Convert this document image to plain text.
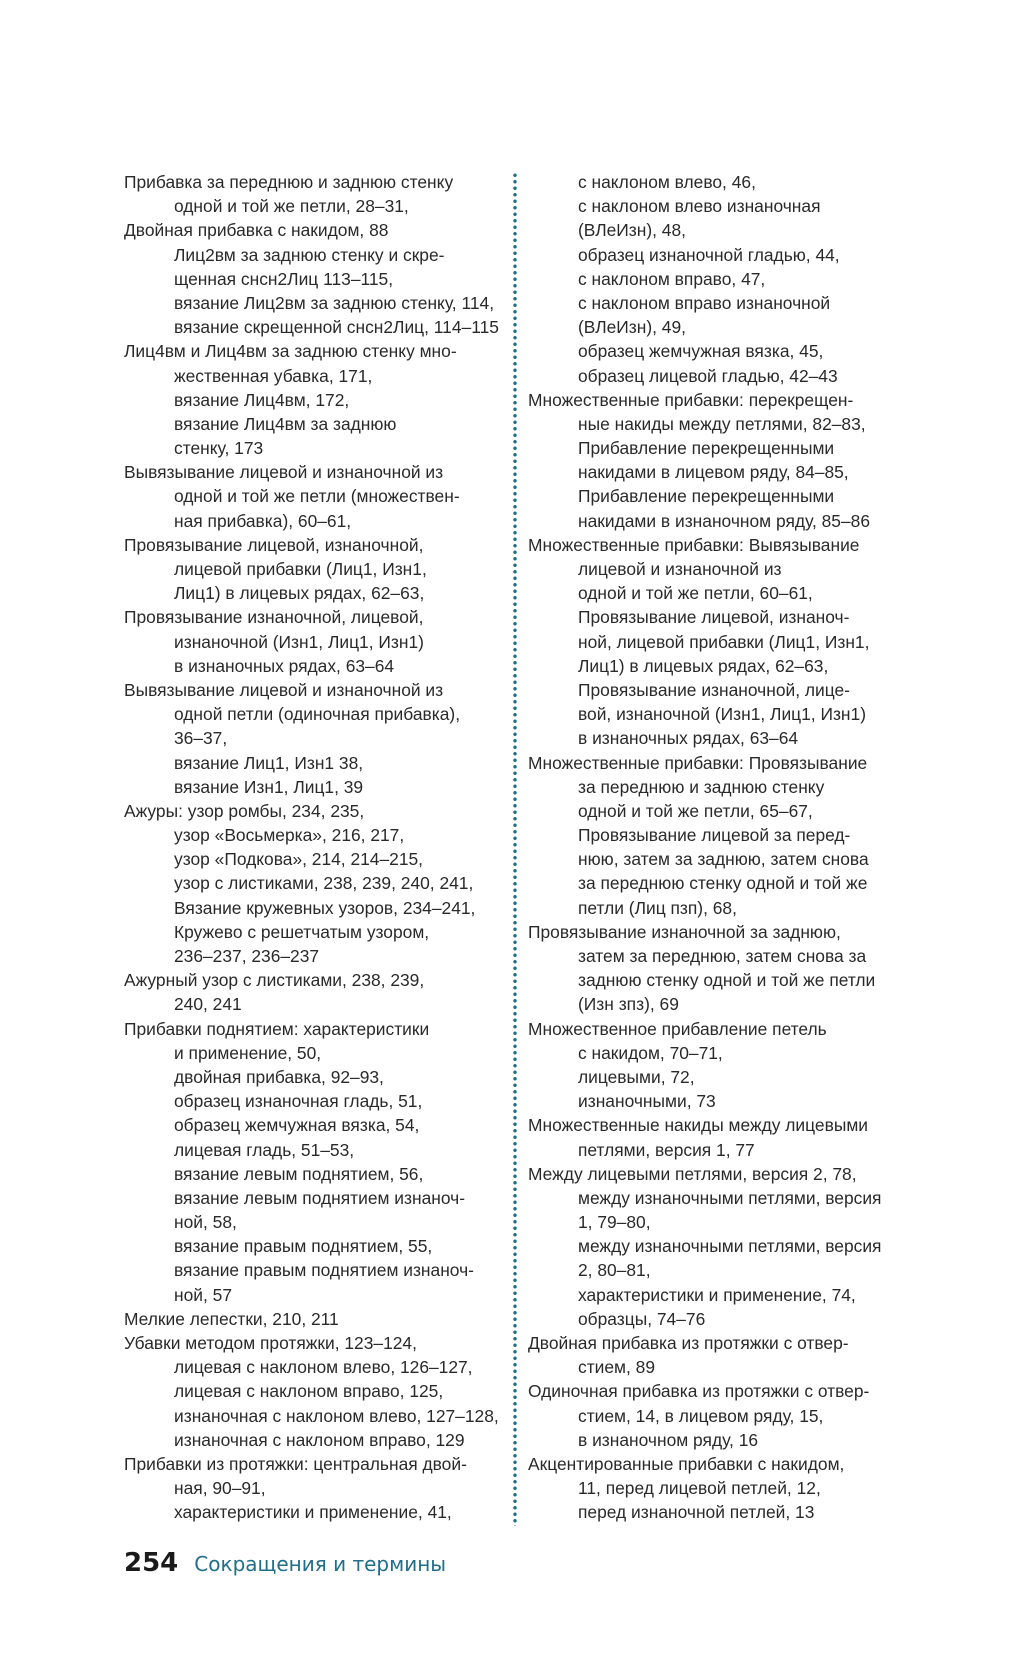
Прибавка за переднюю и заднюю стенку
одной и той же петли, 28–31,
Двойная прибавка с накидом, 88
Лиц2вм за заднюю стенку и скре-
щенная снсн2Лиц 113–115,
вязание Лиц2вм за заднюю стенку, 114,
вязание скрещенной снсн2Лиц, 114–115
Лиц4вм и Лиц4вм за заднюю стенку мно-
жественная убавка, 171,
вязание Лиц4вм, 172,
вязание Лиц4вм за заднюю
стенку, 173
Вывязывание лицевой и изнаночной из
одной и той же петли (множествен-
ная прибавка), 60–61,
Провязывание лицевой, изнаночной,
лицевой прибавки (Лиц1, Изн1,
Лиц1) в лицевых рядах, 62–63,
Провязывание изнаночной, лицевой,
изнаночной (Изн1, Лиц1, Изн1)
в изнаночных рядах, 63–64
Вывязывание лицевой и изнаночной из
одной петли (одиночная прибавка),
36–37,
вязание Лиц1, Изн1 38,
вязание Изн1, Лиц1, 39
Ажуры: узор ромбы, 234, 235,
узор «Восьмерка», 216, 217,
узор «Подкова», 214, 214–215,
узор с листиками, 238, 239, 240, 241,
Вязание кружевных узоров, 234–241,
Кружево с решетчатым узором,
236–237, 236–237
Ажурный узор с листиками, 238, 239,
240, 241
Прибавки поднятием: характеристики
и применение, 50,
двойная прибавка, 92–93,
образец изнаночная гладь, 51,
образец жемчужная вязка, 54,
лицевая гладь, 51–53,
вязание левым поднятием, 56,
вязание левым поднятием изнаноч-
ной, 58,
вязание правым поднятием, 55,
вязание правым поднятием изнаноч-
ной, 57
Мелкие лепестки, 210, 211
Убавки методом протяжки, 123–124,
лицевая с наклоном влево, 126–127,
лицевая с наклоном вправо, 125,
изнаночная с наклоном влево, 127–128,
изнаночная с наклоном вправо, 129
Прибавки из протяжки: центральная двой-
ная, 90–91,
характеристики и применение, 41,
с наклоном влево, 46,
с наклоном влево изнаночная
(ВЛеИзн), 48,
образец изнаночной гладью, 44,
с наклоном вправо, 47,
с наклоном вправо изнаночной
(ВЛеИзн), 49,
образец жемчужная вязка, 45,
образец лицевой гладью, 42–43
Множественные прибавки: перекрещен-
ные накиды между петлями, 82–83,
Прибавление перекрещенными
накидами в лицевом ряду, 84–85,
Прибавление перекрещенными
накидами в изнаночном ряду, 85–86
Множественные прибавки: Вывязывание
лицевой и изнаночной из
одной и той же петли, 60–61,
Провязывание лицевой, изнаноч-
ной, лицевой прибавки (Лиц1, Изн1,
Лиц1) в лицевых рядах, 62–63,
Провязывание изнаночной, лице-
вой, изнаночной (Изн1, Лиц1, Изн1)
в изнаночных рядах, 63–64
Множественные прибавки: Провязывание
за переднюю и заднюю стенку
одной и той же петли, 65–67,
Провязывание лицевой за перед-
нюю, затем за заднюю, затем снова
за переднюю стенку одной и той же
петли (Лиц пзп), 68,
Провязывание изнаночной за заднюю,
затем за переднюю, затем снова за
заднюю стенку одной и той же петли
(Изн зпз), 69
Множественное прибавление петель
с накидом, 70–71,
лицевыми, 72,
изнаночными, 73
Множественные накиды между лицевыми
петлями, версия 1, 77
Между лицевыми петлями, версия 2, 78,
между изнаночными петлями, версия
1, 79–80,
между изнаночными петлями, версия
2, 80–81,
характеристики и применение, 74,
образцы, 74–76
Двойная прибавка из протяжки с отвер-
стием, 89
Одиночная прибавка из протяжки с отвер-
стием, 14, в лицевом ряду, 15,
в изнаночном ряду, 16
Акцентированные прибавки с накидом,
11, перед лицевой петлей, 12,
перед изнаночной петлей, 13
254 Сокращения и термины
